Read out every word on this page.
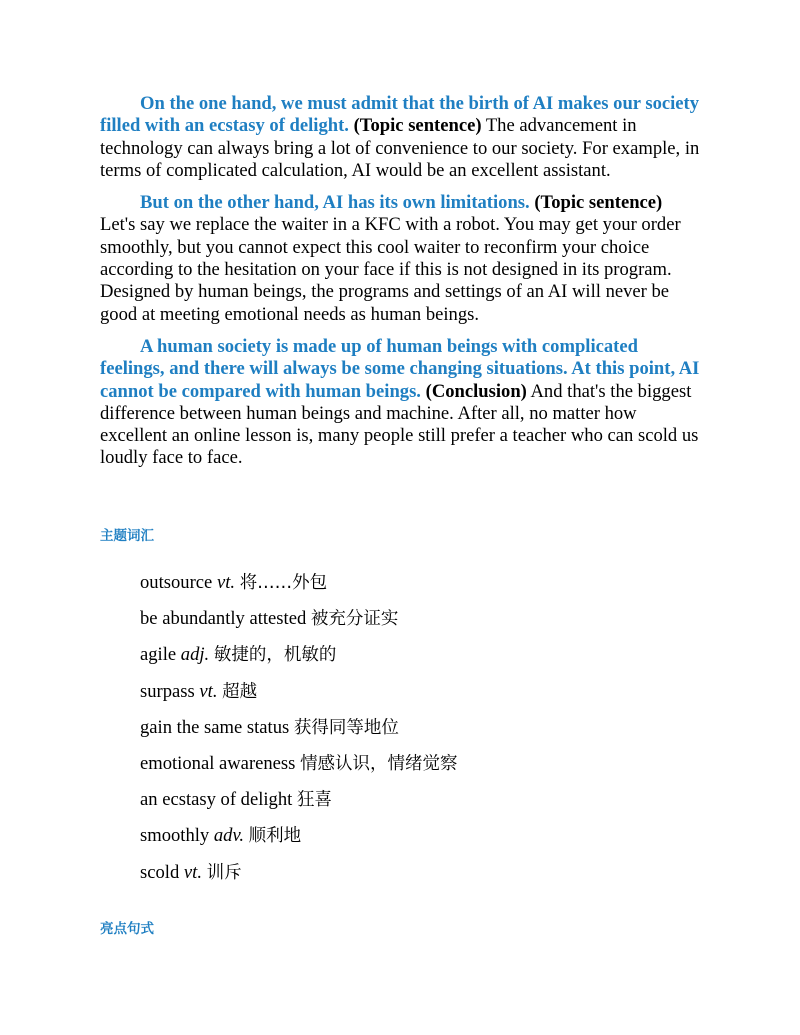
On the one hand, we must admit that the birth of AI makes our society filled with an ecstasy of delight. (Topic sentence) The advancement in technology can always bring a lot of convenience to our society. For example, in terms of complicated calculation, AI would be an excellent assistant.

But on the other hand, AI has its own limitations. (Topic sentence) Let's say we replace the waiter in a KFC with a robot. You may get your order smoothly, but you cannot expect this cool waiter to reconfirm your choice according to the hesitation on your face if this is not designed in its program. Designed by human beings, the programs and settings of an AI will never be good at meeting emotional needs as human beings.

A human society is made up of human beings with complicated feelings, and there will always be some changing situations. At this point, AI cannot be compared with human beings. (Conclusion) And that's the biggest difference between human beings and machine. After all, no matter how excellent an online lesson is, many people still prefer a teacher who can scold us loudly face to face.

主题词汇
outsource vt. 将……外包
be abundantly attested 被充分证实
agile adj. 敏捷的，机敏的
surpass vt. 超越
gain the same status 获得同等地位
emotional awareness 情感认识，情绪觉察
an ecstasy of delight 狂喜
smoothly adv. 顺利地
scold vt. 训斥
亮点句式
